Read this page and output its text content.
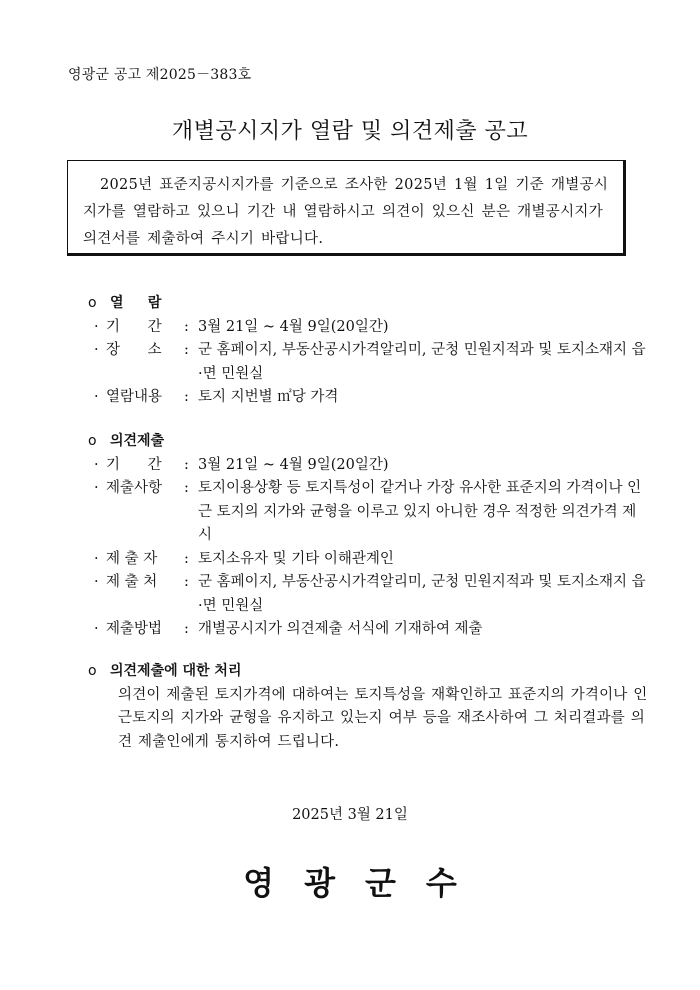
영광군 공고 제2025－383호
개별공시지가 열람 및 의견제출 공고

2025년 표준지공시지가를 기준으로 조사한 2025년 1월 1일 기준 개별공시지가를 열람하고 있으니 기간 내 열람하시고 의견이 있으신 분은 개별공시지가 의견서를 제출하여 주시기 바랍니다.

o 열     람
· 기      간	: 3월 21일 ~ 4월 9일(20일간)
· 장      소	: 군 홈페이지, 부동산공시가격알리미, 군청 민원지적과 및 토지소재지 읍·면 민원실
· 열람내용	: 토지 지번별 ㎡당 가격
o 의견제출
· 기      간	: 3월 21일 ~ 4월 9일(20일간)
· 제출사항	: 토지이용상황 등 토지특성이 같거나 가장 유사한 표준지의 가격이나 인근 토지의 지가와 균형을 이루고 있지 아니한 경우 적정한 의견가격 제시
· 제 출 자	: 토지소유자 및 기타 이해관계인
· 제 출 처	: 군 홈페이지, 부동산공시가격알리미, 군청 민원지적과 및 토지소재지 읍·면 민원실
· 제출방법	: 개별공시지가 의견제출 서식에 기재하여 제출
o 의견제출에 대한 처리
의견이 제출된 토지가격에 대하여는 토지특성을 재확인하고 표준지의 가격이나 인근토지의 지가와 균형을 유지하고 있는지 여부 등을 재조사하여 그 처리결과를 의견 제출인에게 통지하여 드립니다.
2025년 3월 21일
영광군수
